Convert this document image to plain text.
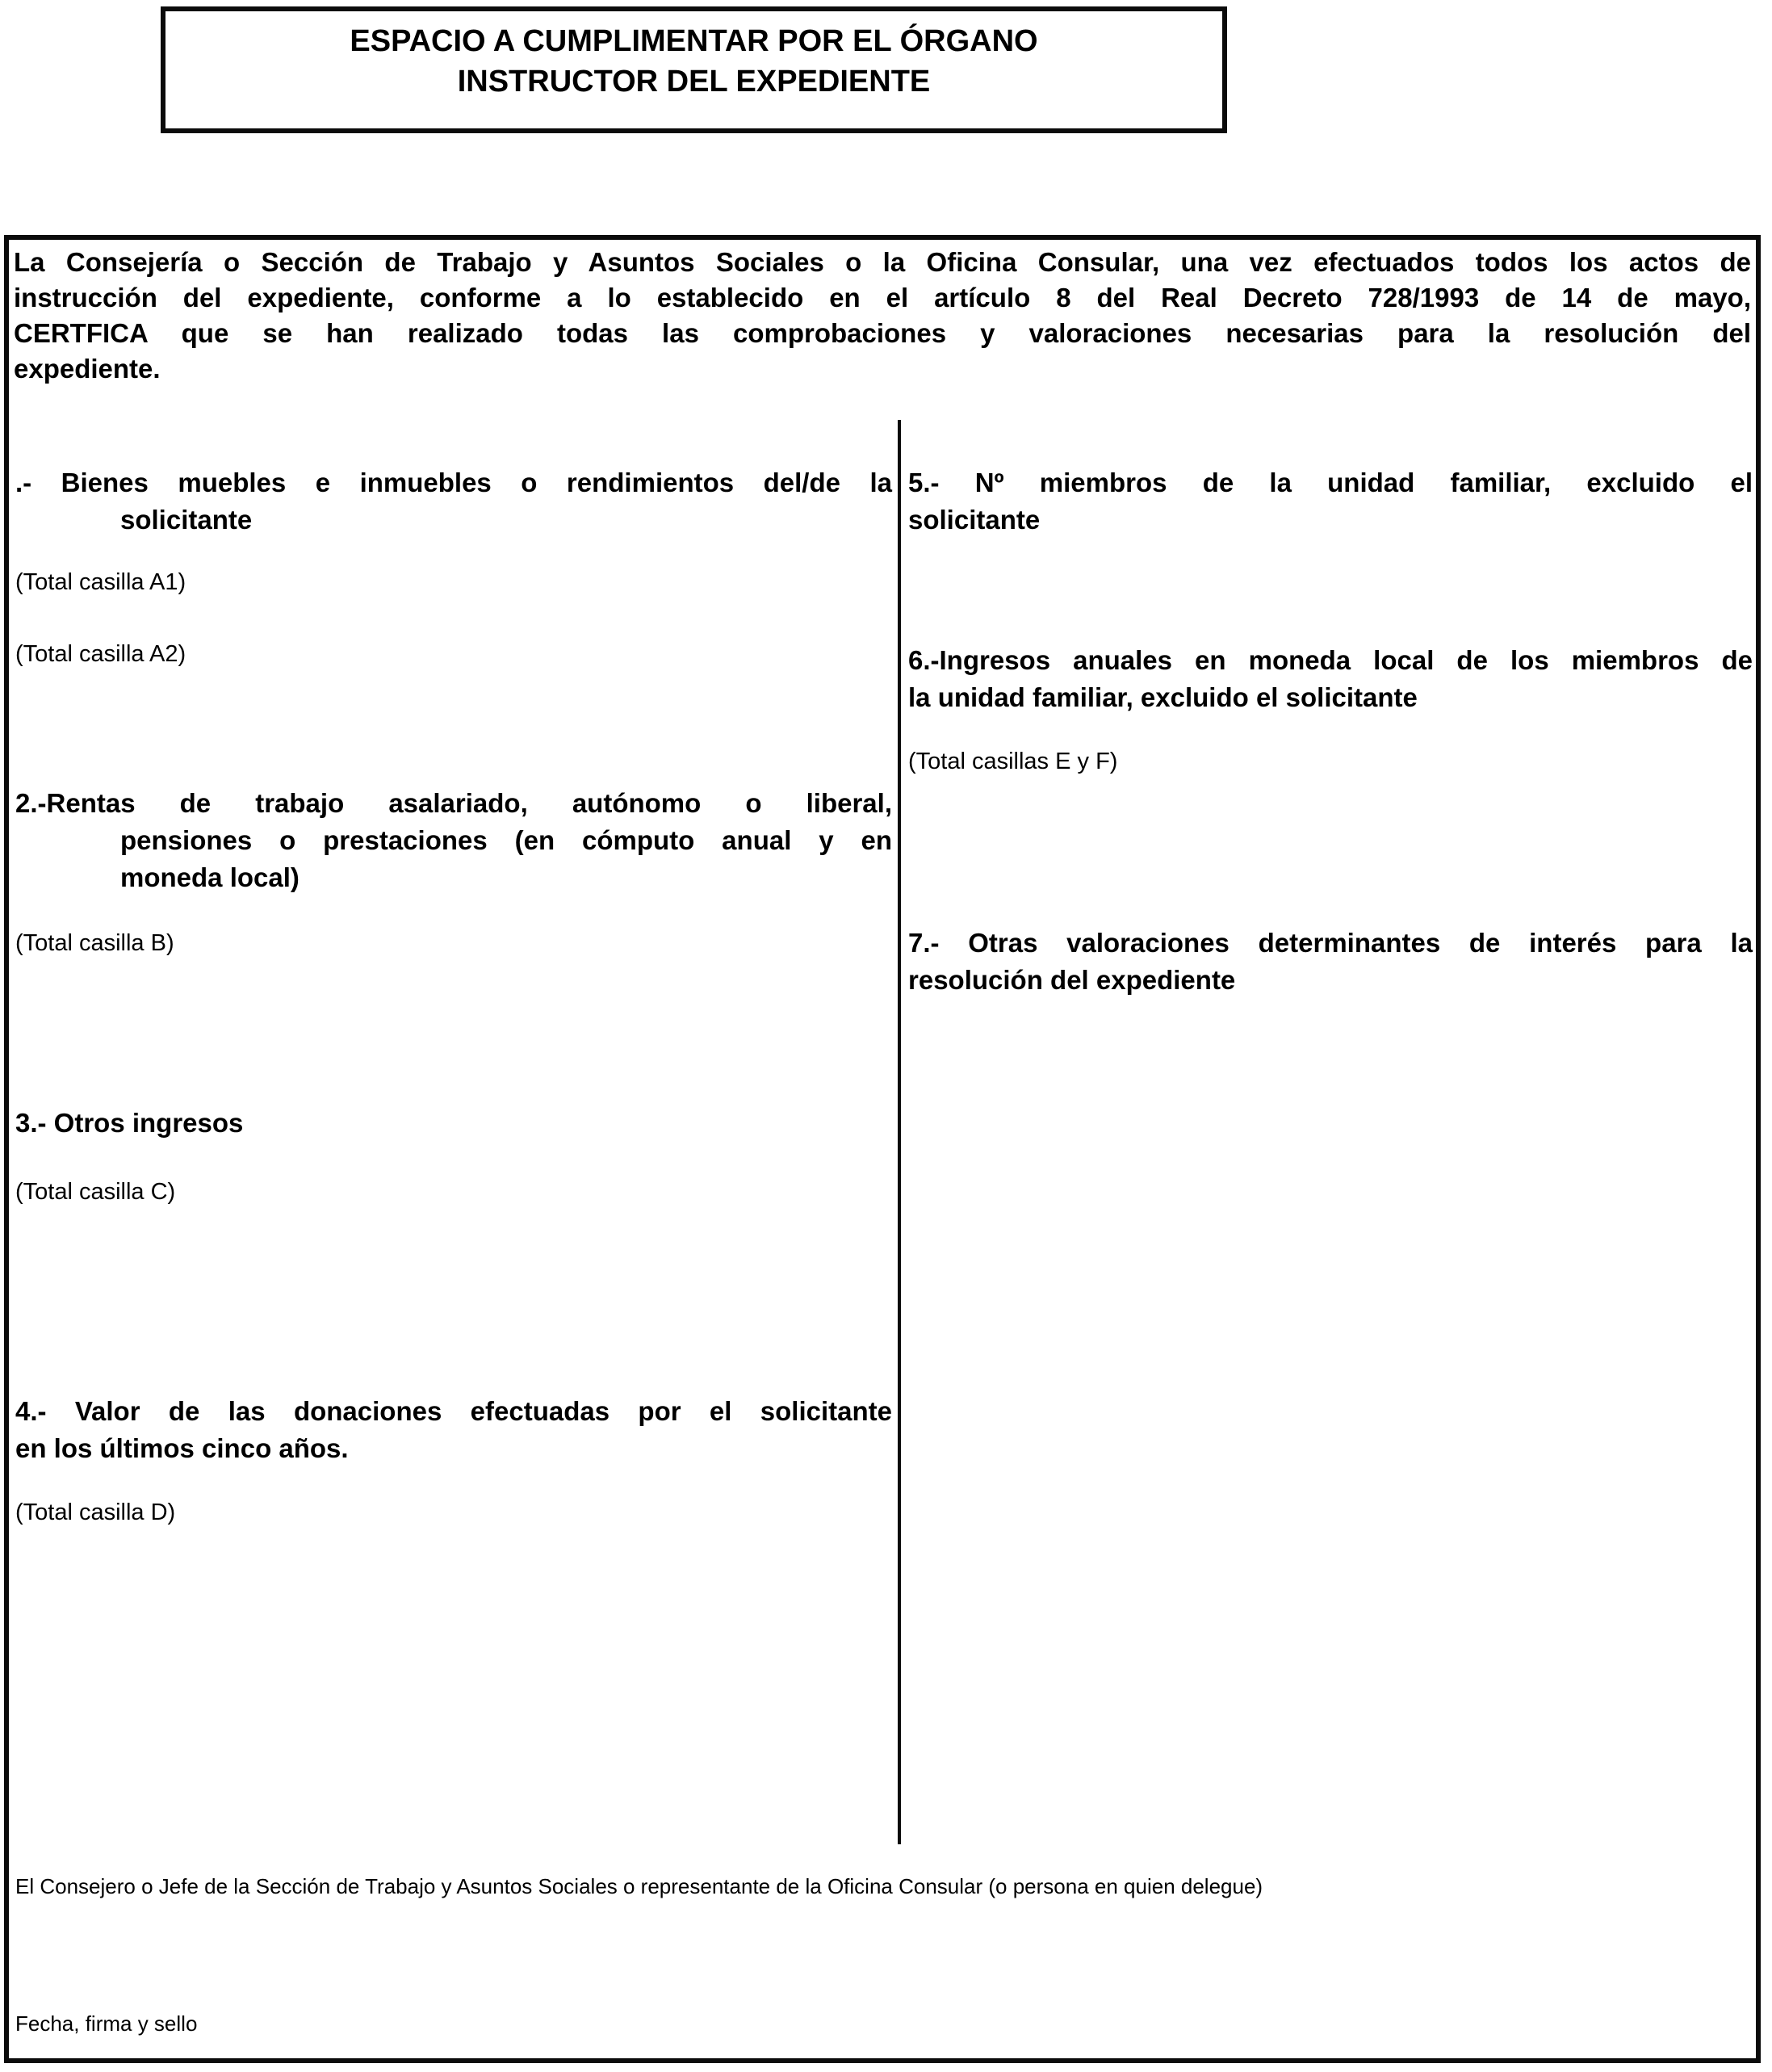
ESPACIO A CUMPLIMENTAR POR EL ÓRGANO
INSTRUCTOR DEL EXPEDIENTE
La Consejería o Sección de Trabajo y Asuntos Sociales o la Oficina Consular, una vez efectuados todos los actos de
instrucción del expediente, conforme a lo establecido en el artículo 8 del Real Decreto 728/1993 de 14 de mayo,
CERTFICA que se han realizado todas las comprobaciones y valoraciones necesarias para la resolución del
expediente.
.- Bienes muebles e inmuebles o rendimientos del/de la
solicitante
(Total casilla A1)
(Total casilla A2)
2.-Rentas de trabajo asalariado, autónomo o liberal,
pensiones o prestaciones (en cómputo anual y en
moneda local)
(Total casilla B)
3.- Otros ingresos
(Total casilla C)
4.- Valor de las donaciones efectuadas por el solicitante
en los últimos cinco años.
(Total casilla D)
5.- Nº miembros de la unidad familiar, excluido el
solicitante
6.-Ingresos anuales en moneda local de los miembros de
la unidad familiar, excluido el solicitante
(Total casillas E y F)
7.- Otras valoraciones determinantes de interés para la
resolución del expediente
El Consejero o Jefe de la Sección de Trabajo y Asuntos Sociales o representante de la Oficina Consular (o persona en quien delegue)
Fecha, firma y sello
